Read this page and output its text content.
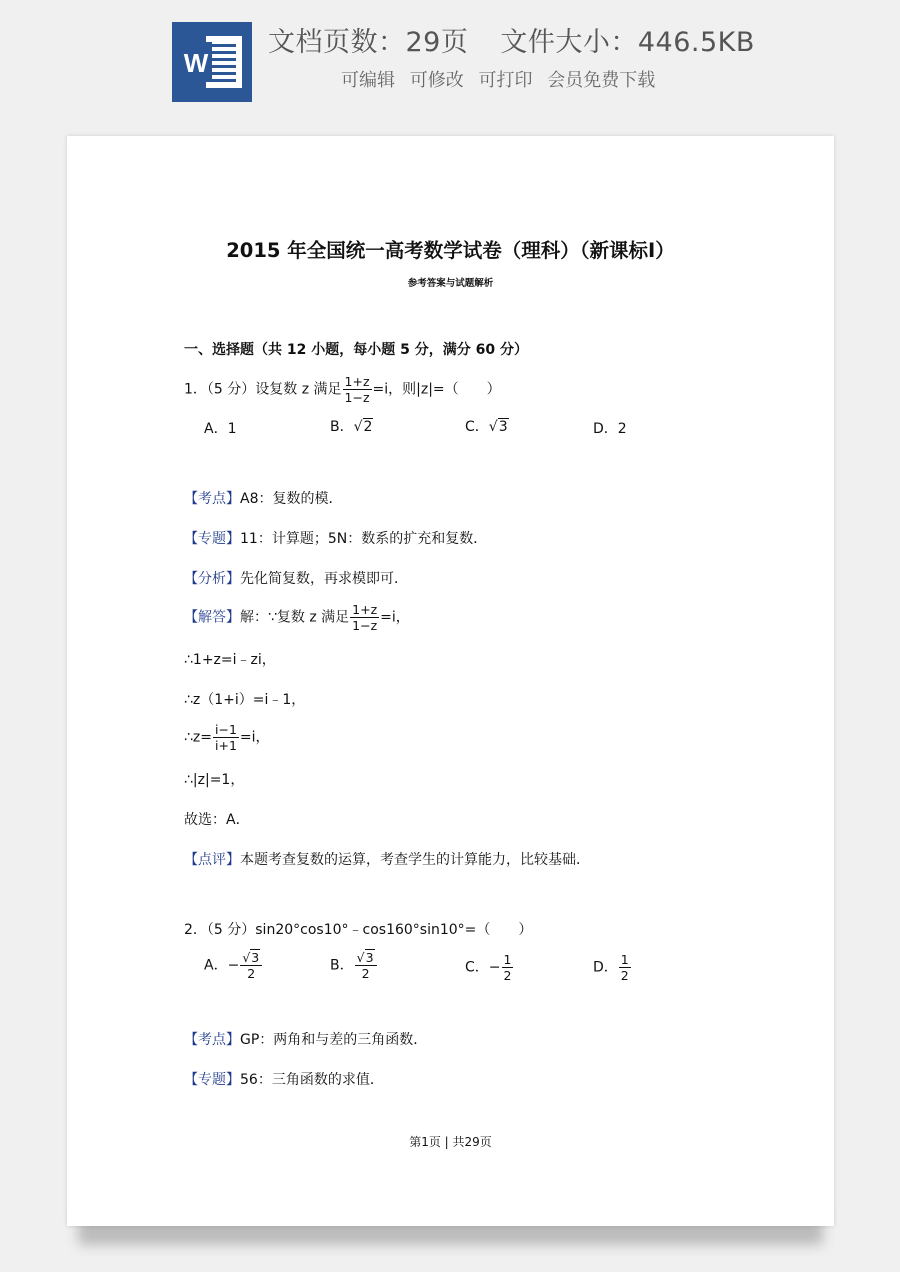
W
文档页数：29页 文件大小：446.5KB
可编辑 可修改 可打印 会员免费下载
2015 年全国统一高考数学试卷（理科）（新课标Ⅰ）
参考答案与试题解析
一、选择题（共 12 小题，每小题 5 分，满分 60 分）
1．（5 分）设复数 z 满足 $\frac{1+z}{1-z} =i$，则|z|=（　　）
A．1	B．√2	C．√3	D．2
【考点】A8：复数的模．
【专题】11：计算题；5N：数系的扩充和复数．
【分析】先化简复数，再求模即可．
【解答】解：∵复数 z 满足 $\frac{1+z}{1-z} =i$，
∴1+z=i﹣zi，
∴z（1+i）=i﹣1，
∴z= $\frac{i-1}{i+1} =i$，
∴|z|=1，
故选：A．
【点评】本题考查复数的运算，考查学生的计算能力，比较基础．
2．（5 分）sin20°cos10°﹣cos160°sin10°=（　　）
A．− $\frac{√3}{2}$	B． $\frac{√3}{2}$	C．− $\frac{1}{2}$	D． $\frac{1}{2}$
【考点】GP：两角和与差的三角函数．
【专题】56：三角函数的求值．
第1页 | 共29页
